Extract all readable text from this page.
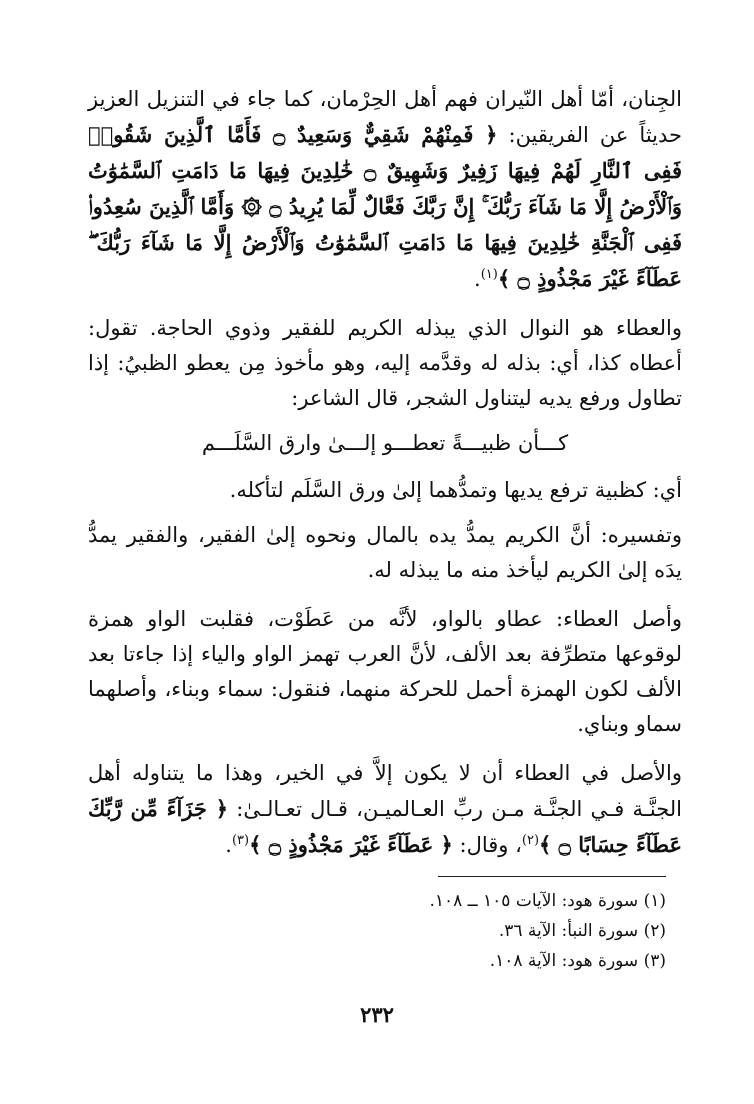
الجِنان، أمّا أهل النّيران فهم أهل الحِرْمان، كما جاء في التنزيل العزيز حديثاً عن الفريقين: ﴿ فَمِنْهُمْ شَقِيٌّ وَسَعِيدٌ ۝ فَأَمَّا ٱلَّذِينَ شَقُوا۟ فَفِى ٱلنَّارِ لَهُمْ فِيهَا زَفِيرٌ وَشَهِيقٌ ۝ خَٰلِدِينَ فِيهَا مَا دَامَتِ ٱلسَّمَٰوَٰتُ وَٱلْأَرْضُ إِلَّا مَا شَآءَ رَبُّكَ ۚ إِنَّ رَبَّكَ فَعَّالٌ لِّمَا يُرِيدُ ۝ ۞ وَأَمَّا ٱلَّذِينَ سُعِدُوا۟ فَفِى ٱلْجَنَّةِ خَٰلِدِينَ فِيهَا مَا دَامَتِ ٱلسَّمَٰوَٰتُ وَٱلْأَرْضُ إِلَّا مَا شَآءَ رَبُّكَ ۖ عَطَآءً غَيْرَ مَجْذُوذٍ ۝ ﴾$^{(١)}$.

والعطاء هو النوال الذي يبذله الكريم للفقير وذوي الحاجة. تقول: أعطاه كذا، أي: بذله له وقدَّمه إليه، وهو مأخوذ مِن يعطو الظبيُ: إذا تطاول ورفع يديه ليتناول الشجر، قال الشاعر:

كـــأن ظبيـــةً تعطـــو إلـــىٰ وارق السَّلَـــم

أي: كظبية ترفع يديها وتمدُّهما إلىٰ ورق السَّلَم لتأكله.

وتفسيره: أنَّ الكريم يمدُّ يده بالمال ونحوه إلىٰ الفقير، والفقير يمدُّ يدَه إلىٰ الكريم ليأخذ منه ما يبذله له.

وأصل العطاء: عطاو بالواو، لأنَّه من عَطَوْت، فقلبت الواو همزة لوقوعها متطرِّفة بعد الألف، لأنَّ العرب تهمز الواو والياء إذا جاءتا بعد الألف لكون الهمزة أحمل للحركة منهما، فنقول: سماء وبناء، وأصلهما سماو وبناي.

والأصل في العطاء أن لا يكون إلاَّ في الخير، وهذا ما يتناوله أهل الجنَّـة فـي الجنَّـة مـن ربِّ العـالميـن، قـال تعـالـىٰ: ﴿ جَزَآءً مِّن رَّبِّكَ عَطَآءً حِسَابًا ۝ ﴾$^{(٢)}$، وقال: ﴿ عَطَآءً غَيْرَ مَجْذُوذٍ ۝ ﴾$^{(٣)}$.

(١) سورة هود: الآيات ١٠٥ ــ ١٠٨.

(٢) سورة النبأ: الآية ٣٦.

(٣) سورة هود: الآية ١٠٨.

٢٣٢
